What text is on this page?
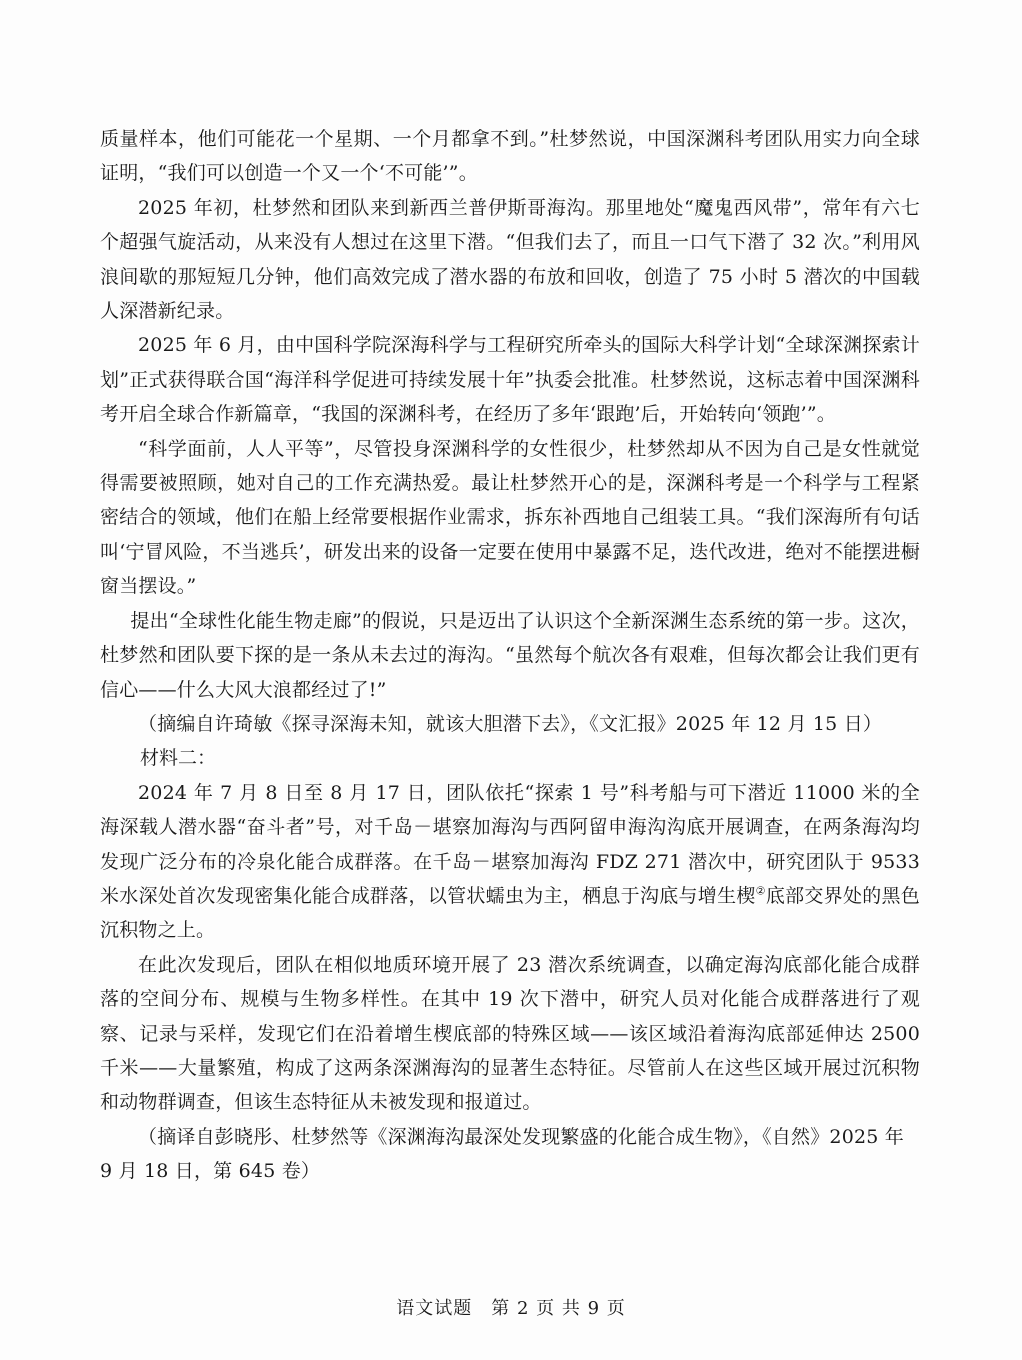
质量样本，他们可能花一个星期、一个月都拿不到。”杜梦然说，中国深渊科考团队用实力向全球证明，“我们可以创造一个又一个‘不可能’”。

2025 年初，杜梦然和团队来到新西兰普伊斯哥海沟。那里地处“魔鬼西风带”，常年有六七个超强气旋活动，从来没有人想过在这里下潜。“但我们去了，而且一口气下潜了 32 次。”利用风浪间歇的那短短几分钟，他们高效完成了潜水器的布放和回收，创造了 75 小时 5 潜次的中国载人深潜新纪录。

2025 年 6 月，由中国科学院深海科学与工程研究所牵头的国际大科学计划“全球深渊探索计划”正式获得联合国“海洋科学促进可持续发展十年”执委会批准。杜梦然说，这标志着中国深渊科考开启全球合作新篇章，“我国的深渊科考，在经历了多年‘跟跑’后，开始转向‘领跑’”。

“科学面前，人人平等”，尽管投身深渊科学的女性很少，杜梦然却从不因为自己是女性就觉得需要被照顾，她对自己的工作充满热爱。最让杜梦然开心的是，深渊科考是一个科学与工程紧密结合的领域，他们在船上经常要根据作业需求，拆东补西地自己组装工具。“我们深海所有句话叫‘宁冒风险，不当逃兵’，研发出来的设备一定要在使用中暴露不足，迭代改进，绝对不能摆进橱窗当摆设。”

提出“全球性化能生物走廊”的假说，只是迈出了认识这个全新深渊生态系统的第一步。这次，杜梦然和团队要下探的是一条从未去过的海沟。“虽然每个航次各有艰难，但每次都会让我们更有信心——什么大风大浪都经过了!”

（摘编自许琦敏《探寻深海未知，就该大胆潜下去》，《文汇报》2025 年 12 月 15 日）

材料二：

2024 年 7 月 8 日至 8 月 17 日，团队依托“探索 1 号”科考船与可下潜近 11000 米的全海深载人潜水器“奋斗者”号，对千岛－堪察加海沟与西阿留申海沟沟底开展调查，在两条海沟均发现广泛分布的冷泉化能合成群落。在千岛－堪察加海沟 FDZ 271 潜次中，研究团队于 9533 米水深处首次发现密集化能合成群落，以管状蠕虫为主，栖息于沟底与增生楔②底部交界处的黑色沉积物之上。

在此次发现后，团队在相似地质环境开展了 23 潜次系统调查，以确定海沟底部化能合成群落的空间分布、规模与生物多样性。在其中 19 次下潜中，研究人员对化能合成群落进行了观察、记录与采样，发现它们在沿着增生楔底部的特殊区域——该区域沿着海沟底部延伸达 2500 千米——大量繁殖，构成了这两条深渊海沟的显著生态特征。尽管前人在这些区域开展过沉积物和动物群调查，但该生态特征从未被发现和报道过。

（摘译自彭晓彤、杜梦然等《深渊海沟最深处发现繁盛的化能合成生物》，《自然》2025 年 9 月 18 日，第 645 卷）

语文试题　第 2 页 共 9 页
